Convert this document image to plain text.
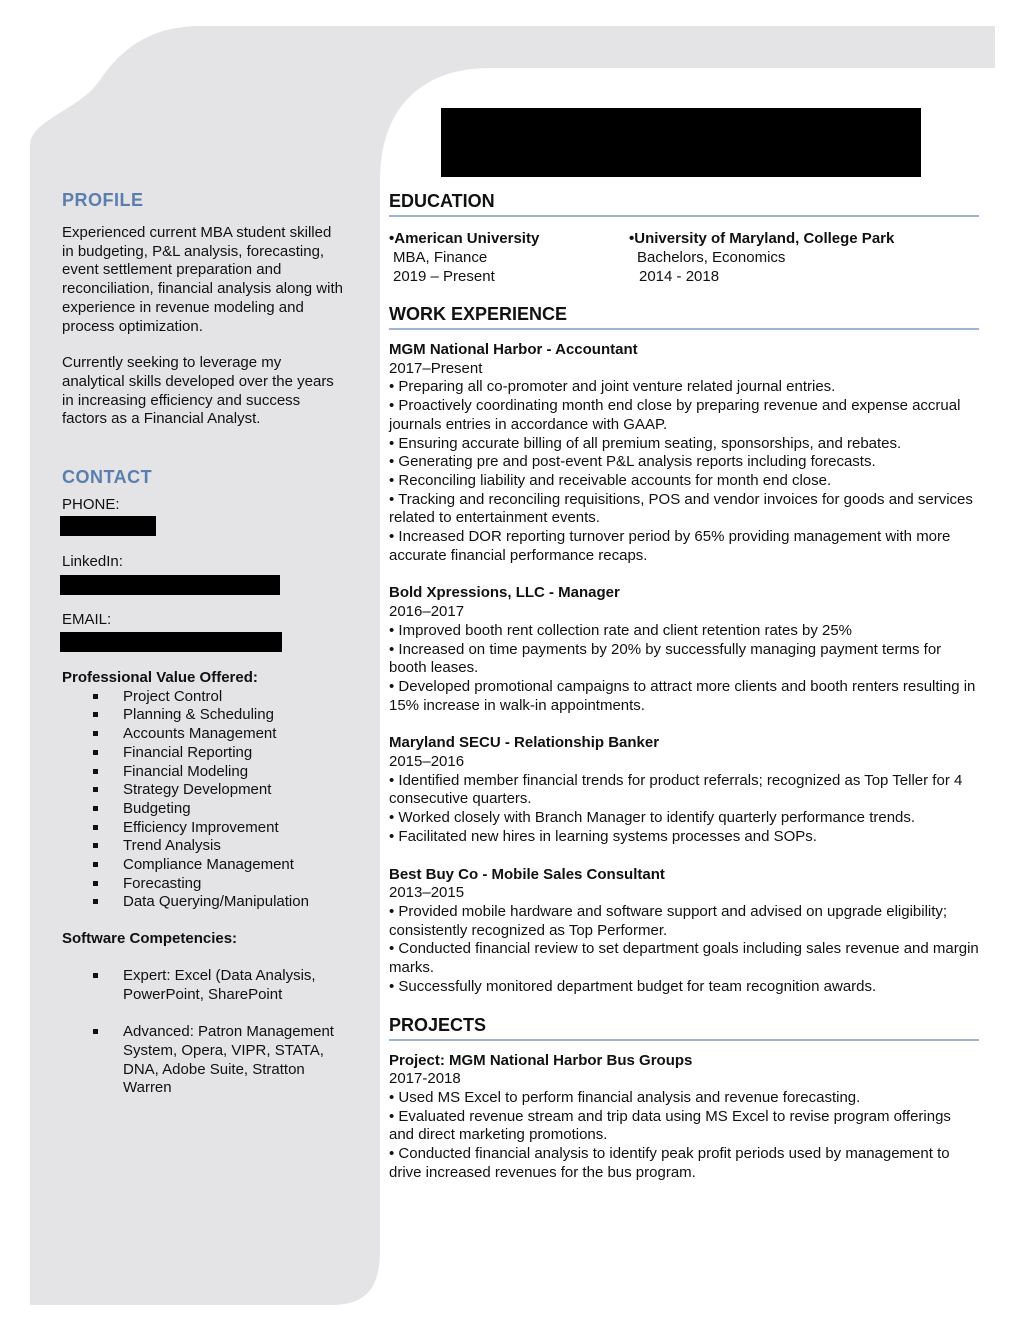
PROFILE

Experienced current MBA student skilled in budgeting, P&L analysis, forecasting, event settlement preparation and reconciliation, financial analysis along with experience in revenue modeling and process optimization.

Currently seeking to leverage my analytical skills developed over the years in increasing efficiency and success factors as a Financial Analyst.

CONTACT

PHONE:

LinkedIn:

EMAIL:

Professional Value Offered:

Project Control
Planning & Scheduling
Accounts Management
Financial Reporting
Financial Modeling
Strategy Development
Budgeting
Efficiency Improvement
Trend Analysis
Compliance Management
Forecasting
Data Querying/Manipulation

Software Competencies:

Expert: Excel (Data Analysis, PowerPoint, SharePoint
Advanced: Patron Management System, Opera, VIPR, STATA, DNA, Adobe Suite, Stratton Warren
EDUCATION
•American University
MBA, Finance
2019 – Present
•University of Maryland, College Park
Bachelors, Economics
2014 - 2018
WORK EXPERIENCE

MGM National Harbor - Accountant

2017–Present

• Preparing all co-promoter and joint venture related journal entries.

• Proactively coordinating month end close by preparing revenue and expense accrual journals entries in accordance with GAAP.

• Ensuring accurate billing of all premium seating, sponsorships, and rebates.

• Generating pre and post-event P&L analysis reports including forecasts.

• Reconciling liability and receivable accounts for month end close.

• Tracking and reconciling requisitions, POS and vendor invoices for goods and services related to entertainment events.

• Increased DOR reporting turnover period by 65% providing management with more accurate financial performance recaps.

Bold Xpressions, LLC - Manager

2016–2017

• Improved booth rent collection rate and client retention rates by 25%

• Increased on time payments by 20% by successfully managing payment terms for booth leases.

• Developed promotional campaigns to attract more clients and booth renters resulting in 15% increase in walk-in appointments.

Maryland SECU - Relationship Banker

2015–2016

• Identified member financial trends for product referrals; recognized as Top Teller for 4 consecutive quarters.

• Worked closely with Branch Manager to identify quarterly performance trends.

• Facilitated new hires in learning systems processes and SOPs.

Best Buy Co - Mobile Sales Consultant

2013–2015

• Provided mobile hardware and software support and advised on upgrade eligibility; consistently recognized as Top Performer.

• Conducted financial review to set department goals including sales revenue and margin marks.

• Successfully monitored department budget for team recognition awards.

PROJECTS

Project: MGM National Harbor Bus Groups

2017-2018

• Used MS Excel to perform financial analysis and revenue forecasting.

• Evaluated revenue stream and trip data using MS Excel to revise program offerings and direct marketing promotions.

• Conducted financial analysis to identify peak profit periods used by management to drive increased revenues for the bus program.
